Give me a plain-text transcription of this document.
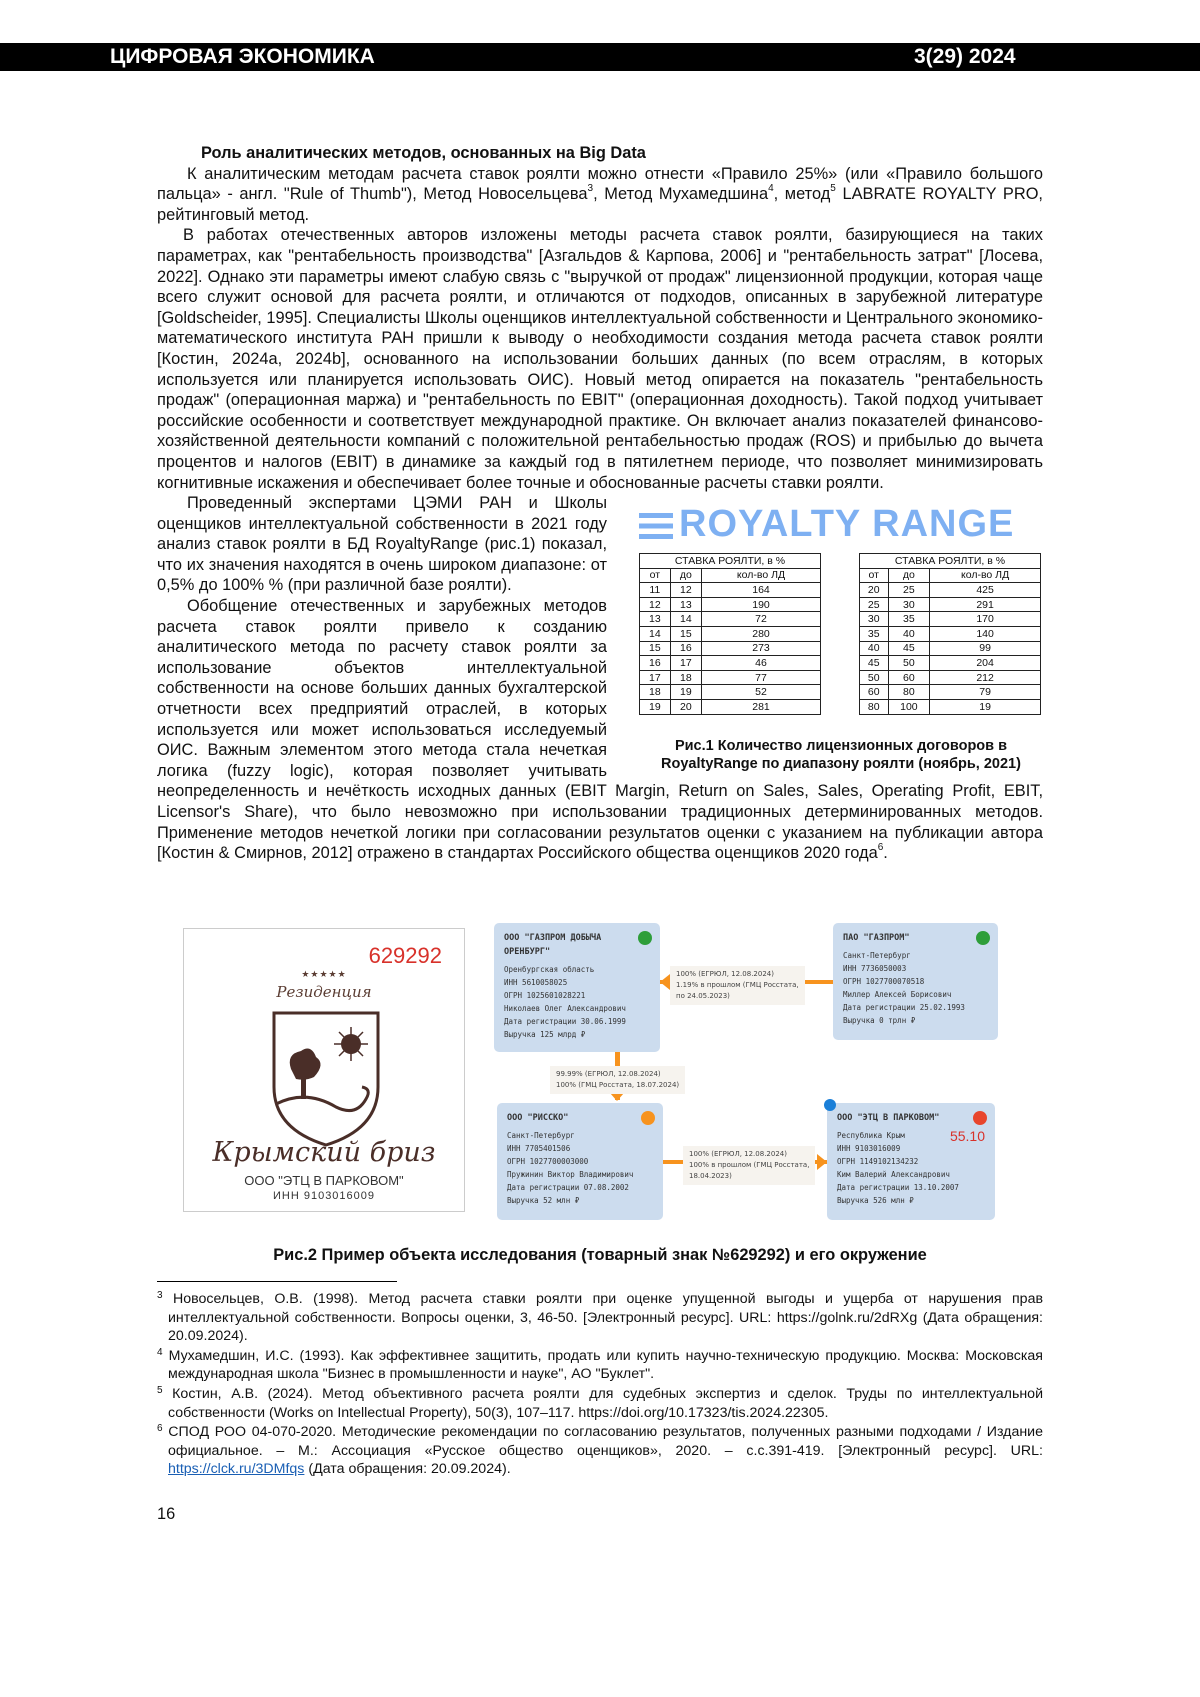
ЦИФРОВАЯ ЭКОНОМИКА	3(29) 2024
Роль аналитических методов, основанных на Big Data

К аналитическим методам расчета ставок роялти можно отнести «Правило 25%» (или «Правило большого пальца» - англ. "Rule of Thumb"), Метод Новосельцева3, Метод Мухамедшина4, метод5 LABRATE ROYALTY PRO, рейтинговый метод.

В работах отечественных авторов изложены методы расчета ставок роялти, базирующиеся на таких параметрах, как "рентабельность производства" [Азгальдов & Карпова, 2006] и "рентабельность затрат" [Лосева, 2022]. Однако эти параметры имеют слабую связь с "выручкой от продаж" лицензионной продукции, которая чаще всего служит основой для расчета роялти, и отличаются от подходов, описанных в зарубежной литературе [Goldscheider, 1995]. Специалисты Школы оценщиков интеллектуальной собственности и Центрального экономико-математического института РАН пришли к выводу о необходимости создания метода расчета ставок роялти [Костин, 2024a, 2024b], основанного на использовании больших данных (по всем отраслям, в которых используется или планируется использовать ОИС). Новый метод опирается на показатель "рентабельность продаж" (операционная маржа) и "рентабельность по EBIT" (операционная доходность). Такой подход учитывает российские особенности и соответствует международной практике. Он включает анализ показателей финансово-хозяйственной деятельности компаний с положительной рентабельностью продаж (ROS) и прибылью до вычета процентов и налогов (EBIT) в динамике за каждый год в пятилетнем периоде, что позволяет минимизировать когнитивные искажения и обеспечивает более точные и обоснованные расчеты ставки роялти.

ROYALTY RANGE
СТАВКА РОЯЛТИ, в %
от	до	кол-во ЛД
11	12	164
12	13	190
13	14	72
14	15	280
15	16	273
16	17	46
17	18	77
18	19	52
19	20	281
СТАВКА РОЯЛТИ, в %
от	до	кол-во ЛД
20	25	425
25	30	291
30	35	170
35	40	140
40	45	99
45	50	204
50	60	212
60	80	79
80	100	19
Рис.1 Количество лицензионных договоров в RoyaltyRange по диапазону роялти (ноябрь, 2021)

Проведенный экспертами ЦЭМИ РАН и Школы оценщиков интеллектуальной собственности в 2021 году анализ ставок роялти в БД RoyaltyRange (рис.1) показал, что их значения находятся в очень широком диапазоне: от 0,5% до 100% % (при различной базе роялти).

Обобщение отечественных и зарубежных методов расчета ставок роялти привело к созданию аналитического метода по расчету ставок роялти за использование объектов интеллектуальной собственности на основе больших данных бухгалтерской отчетности всех предприятий отраслей, в которых используется или может использоваться исследуемый ОИС. Важным элементом этого метода стала нечеткая логика (fuzzy logic), которая позволяет учитывать неопределенность и нечёткость исходных данных (EBIT Margin, Return on Sales, Sales, Operating Profit, EBIT, Licensor's Share), что было невозможно при использовании традиционных детерминированных методов. Применение методов нечеткой логики при согласовании результатов оценки с указанием на публикации автора [Костин & Смирнов, 2012] отражено в стандартах Российского общества оценщиков 2020 года6.

629292
★★★★★
Резиденция
Крымский бриз
ООО "ЭТЦ В ПАРКОВОМ"
ИНН 9103016009
ООО "ГАЗПРОМ ДОБЫЧА ОРЕНБУРГ"
Оренбургская область
ИНН 5610058025
ОГРН 1025601028221
Николаев Олег Александрович
Дата регистрации 30.06.1999
Выручка 125 млрд ₽
ПАО "ГАЗПРОМ"
Санкт-Петербург
ИНН 7736050003
ОГРН 1027700070518
Миллер Алексей Борисович
Дата регистрации 25.02.1993
Выручка 0 трлн ₽
ООО "РИССКО"
Санкт-Петербург
ИНН 7705401506
ОГРН 1027700003000
Пружинин Виктор Владимирович
Дата регистрации 07.08.2002
Выручка 52 млн ₽
ООО "ЭТЦ В ПАРКОВОМ"
Республика Крым
ИНН 9103016009
ОГРН 1149102134232
Ким Валерий Александрович
Дата регистрации 13.10.2007
Выручка 526 млн ₽
55.10
100% (ЕГРЮЛ, 12.08.2024)
1.19% в прошлом (ГМЦ Росстата,
по 24.05.2023)
99.99% (ЕГРЮЛ, 12.08.2024)
100% (ГМЦ Росстата, 18.07.2024)
100% (ЕГРЮЛ, 12.08.2024)
100% в прошлом (ГМЦ Росстата,
18.04.2023)
Рис.2 Пример объекта исследования (товарный знак №629292) и его окружение
3 Новосельцев, О.В. (1998). Метод расчета ставки роялти при оценке упущенной выгоды и ущерба от нарушения прав интеллектуальной собственности. Вопросы оценки, 3, 46-50. [Электронный ресурс]. URL: https://golnk.ru/2dRXg (Дата обращения: 20.09.2024).
4 Мухамедшин, И.С. (1993). Как эффективнее защитить, продать или купить научно-техническую продукцию. Москва: Московская международная школа "Бизнес в промышленности и науке", АО "Буклет".
5 Костин, А.В. (2024). Метод объективного расчета роялти для судебных экспертиз и сделок. Труды по интеллектуальной собственности (Works on Intellectual Property), 50(3), 107–117. https://doi.org/10.17323/tis.2024.22305.
6 СПОД РОО 04-070-2020. Методические рекомендации по согласованию результатов, полученных разными подходами / Издание официальное. – М.: Ассоциация «Русское общество оценщиков», 2020. – с.с.391-419. [Электронный ресурс]. URL: https://clck.ru/3DMfqs (Дата обращения: 20.09.2024).
16
